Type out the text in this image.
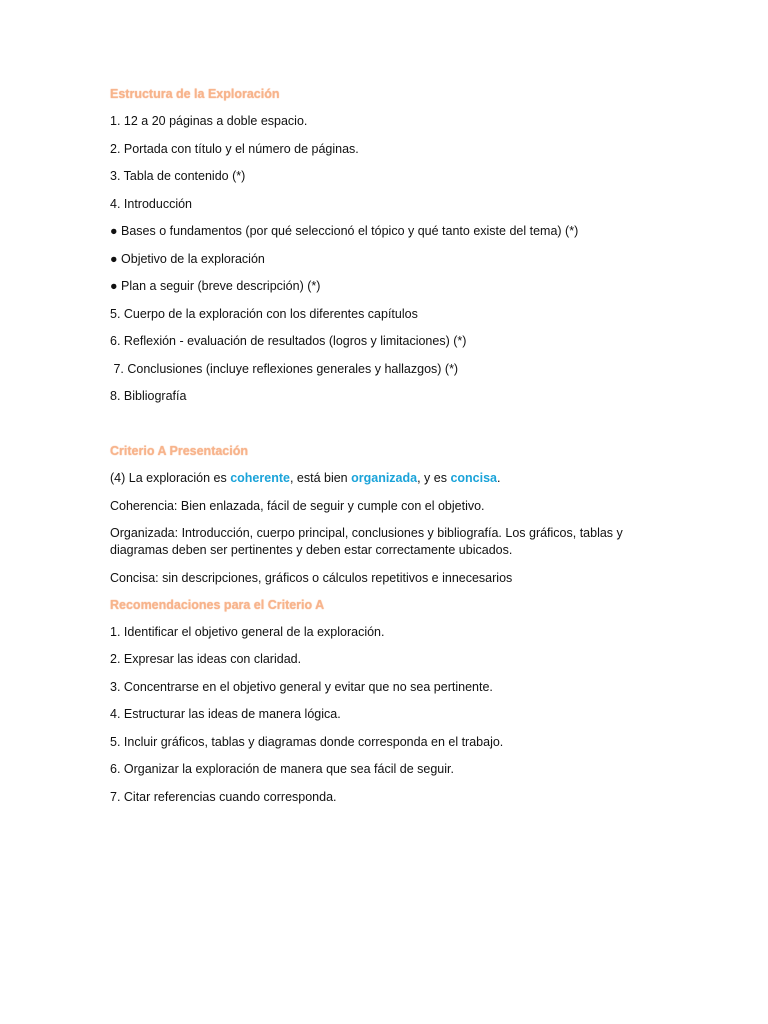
Estructura de la Exploración

1. 12 a 20 páginas a doble espacio.

2. Portada con título y el número de páginas.

3. Tabla de contenido (*)

4. Introducción

● Bases o fundamentos (por qué seleccionó el tópico y qué tanto existe del tema) (*)

● Objetivo de la exploración

● Plan a seguir (breve descripción) (*)

5. Cuerpo de la exploración con los diferentes capítulos

6. Reflexión - evaluación de resultados (logros y limitaciones) (*)

7. Conclusiones (incluye reflexiones generales y hallazgos) (*)

8. Bibliografía

Criterio A Presentación

(4) La exploración es coherente, está bien organizada, y es concisa.

Coherencia: Bien enlazada, fácil de seguir y cumple con el objetivo.

Organizada: Introducción, cuerpo principal, conclusiones y bibliografía. Los gráficos, tablas y diagramas deben ser pertinentes y deben estar correctamente ubicados.

Concisa: sin descripciones, gráficos o cálculos repetitivos e innecesarios

Recomendaciones para el Criterio A

1. Identificar el objetivo general de la exploración.

2. Expresar las ideas con claridad.

3. Concentrarse en el objetivo general y evitar que no sea pertinente.

4. Estructurar las ideas de manera lógica.

5. Incluir gráficos, tablas y diagramas donde corresponda en el trabajo.

6. Organizar la exploración de manera que sea fácil de seguir.

7. Citar referencias cuando corresponda.
